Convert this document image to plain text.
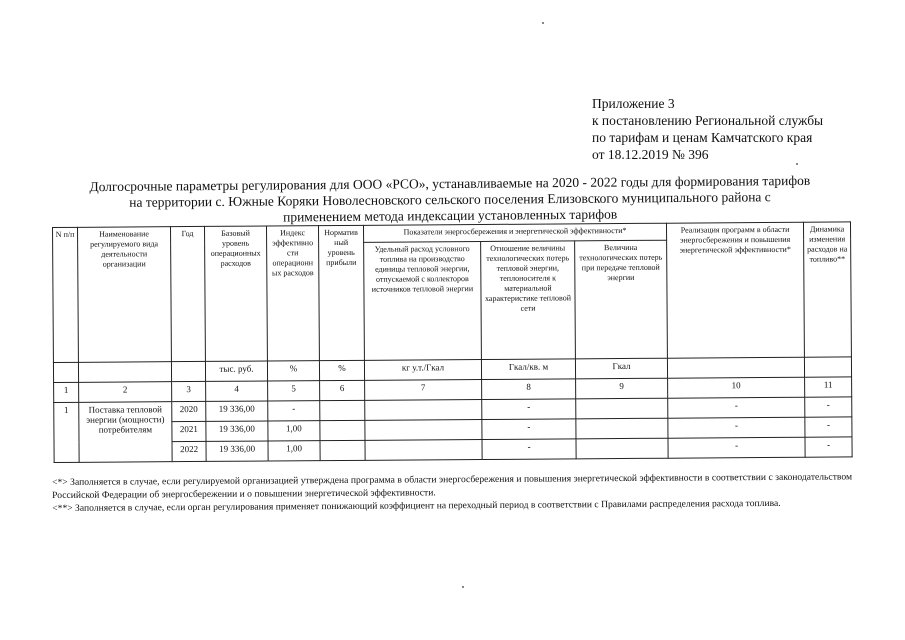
Приложение 3
к постановлению Региональной службы
по тарифам и ценам Камчатского края
от 18.12.2019 № 396
Долгосрочные параметры регулирования для ООО «РСО», устанавливаемые на 2020 - 2022 годы для формирования тарифов
на территории с. Южные Коряки Новолесновского сельского поселения Елизовского муниципального района с
применением метода индексации установленных тарифов
N п/п	Наименование регулируемого вида деятельности организации	Год	Базовый уровень операционных расходов	Индекс эффективно сти операционн ых расходов	Норматив ный уровень прибыли	Показатели энергосбережения и энергетической эффективности*			Реализация программ в области энергосбережения и повышения энергетической эффективности*	Динамика изменения расходов на топливо**
						Удельный расход условного топлива на производство единицы тепловой энергии, отпускаемой с коллекторов источников тепловой энергии	Отношение величины технологических потерь тепловой энергии, теплоносителя к материальной характеристике тепловой сети	Величина технологических потерь при передаче тепловой энергии		
			тыс. руб.	%	%	кг у.т./Гкал	Гкал/кв. м	Гкал		
1	2	3	4	5	6	7	8	9	10	11
1	Поставка тепловой энергии (мощности) потребителям	2020	19 336,00	-			-		-	-
		2021	19 336,00	1,00			-		-	-
		2022	19 336,00	1,00			-		-	-

<*> Заполняется в случае, если регулируемой организацией утверждена программа в области энергосбережения и повышения энергетической эффективности в соответствии с законодательством Российской Федерации об энергосбережении и о повышении энергетической эффективности.

<**> Заполняется в случае, если орган регулирования применяет понижающий коэффициент на переходный период в соответствии с Правилами распределения расхода топлива.
